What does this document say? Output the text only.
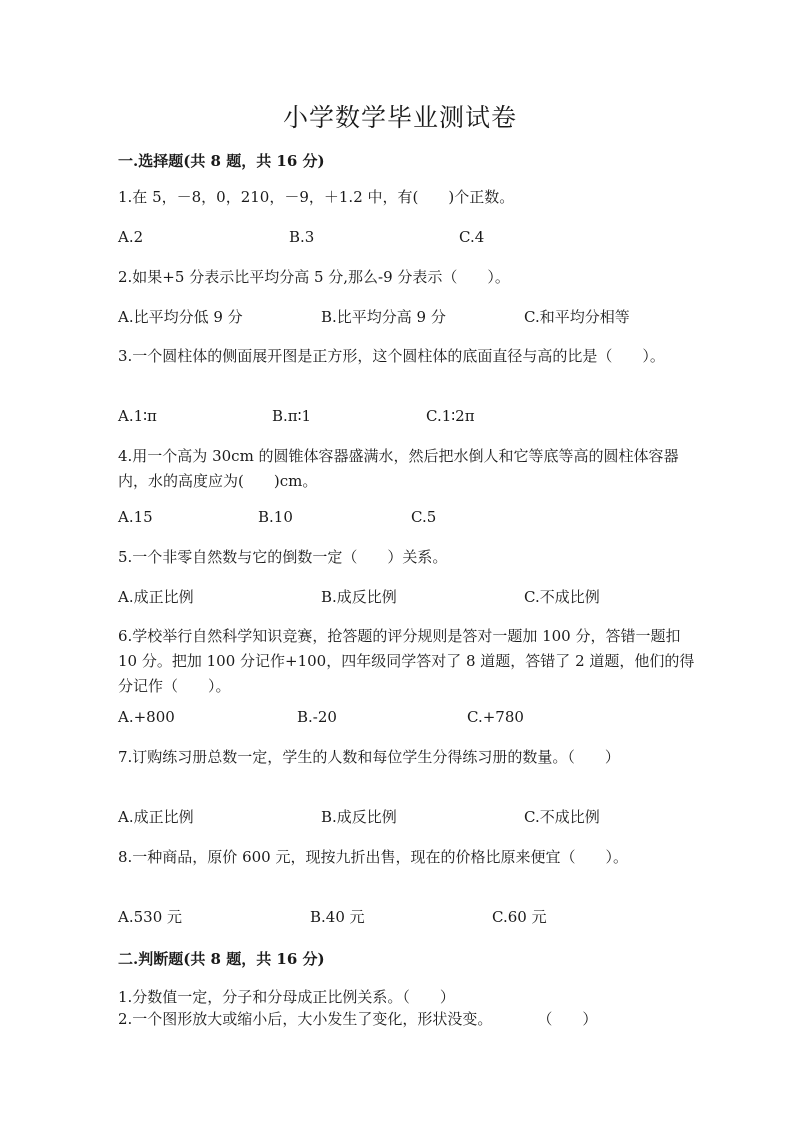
小学数学毕业测试卷
一.选择题(共 8 题，共 16 分)
1.在 5，－8，0，210，－9，＋1.2 中，有(　　)个正数。
A.2	B.3	C.4
2.如果+5 分表示比平均分高 5 分,那么-9 分表示（　　）。
A.比平均分低 9 分	B.比平均分高 9 分	C.和平均分相等
3.一个圆柱体的侧面展开图是正方形，这个圆柱体的底面直径与高的比是（　　）。
A.1∶π	B.π∶1	C.1∶2π
4.用一个高为 30cm 的圆锥体容器盛满水，然后把水倒人和它等底等高的圆柱体容器内，水的高度应为(　　)cm。
A.15	B.10	C.5
5.一个非零自然数与它的倒数一定（　　）关系。
A.成正比例	B.成反比例	C.不成比例
6.学校举行自然科学知识竞赛，抢答题的评分规则是答对一题加 100 分，答错一题扣 10 分。把加 100 分记作+100，四年级同学答对了 8 道题，答错了 2 道题，他们的得分记作（　　）。
A.+800	B.-20	C.+780
7.订购练习册总数一定，学生的人数和每位学生分得练习册的数量。（　　）
A.成正比例	B.成反比例	C.不成比例
8.一种商品，原价 600 元，现按九折出售，现在的价格比原来便宜（　　）。
A.530 元	B.40 元	C.60 元
二.判断题(共 8 题，共 16 分)
1.分数值一定，分子和分母成正比例关系。（　　）
2.一个图形放大或缩小后，大小发生了变化，形状没变。　　　　（　　）
